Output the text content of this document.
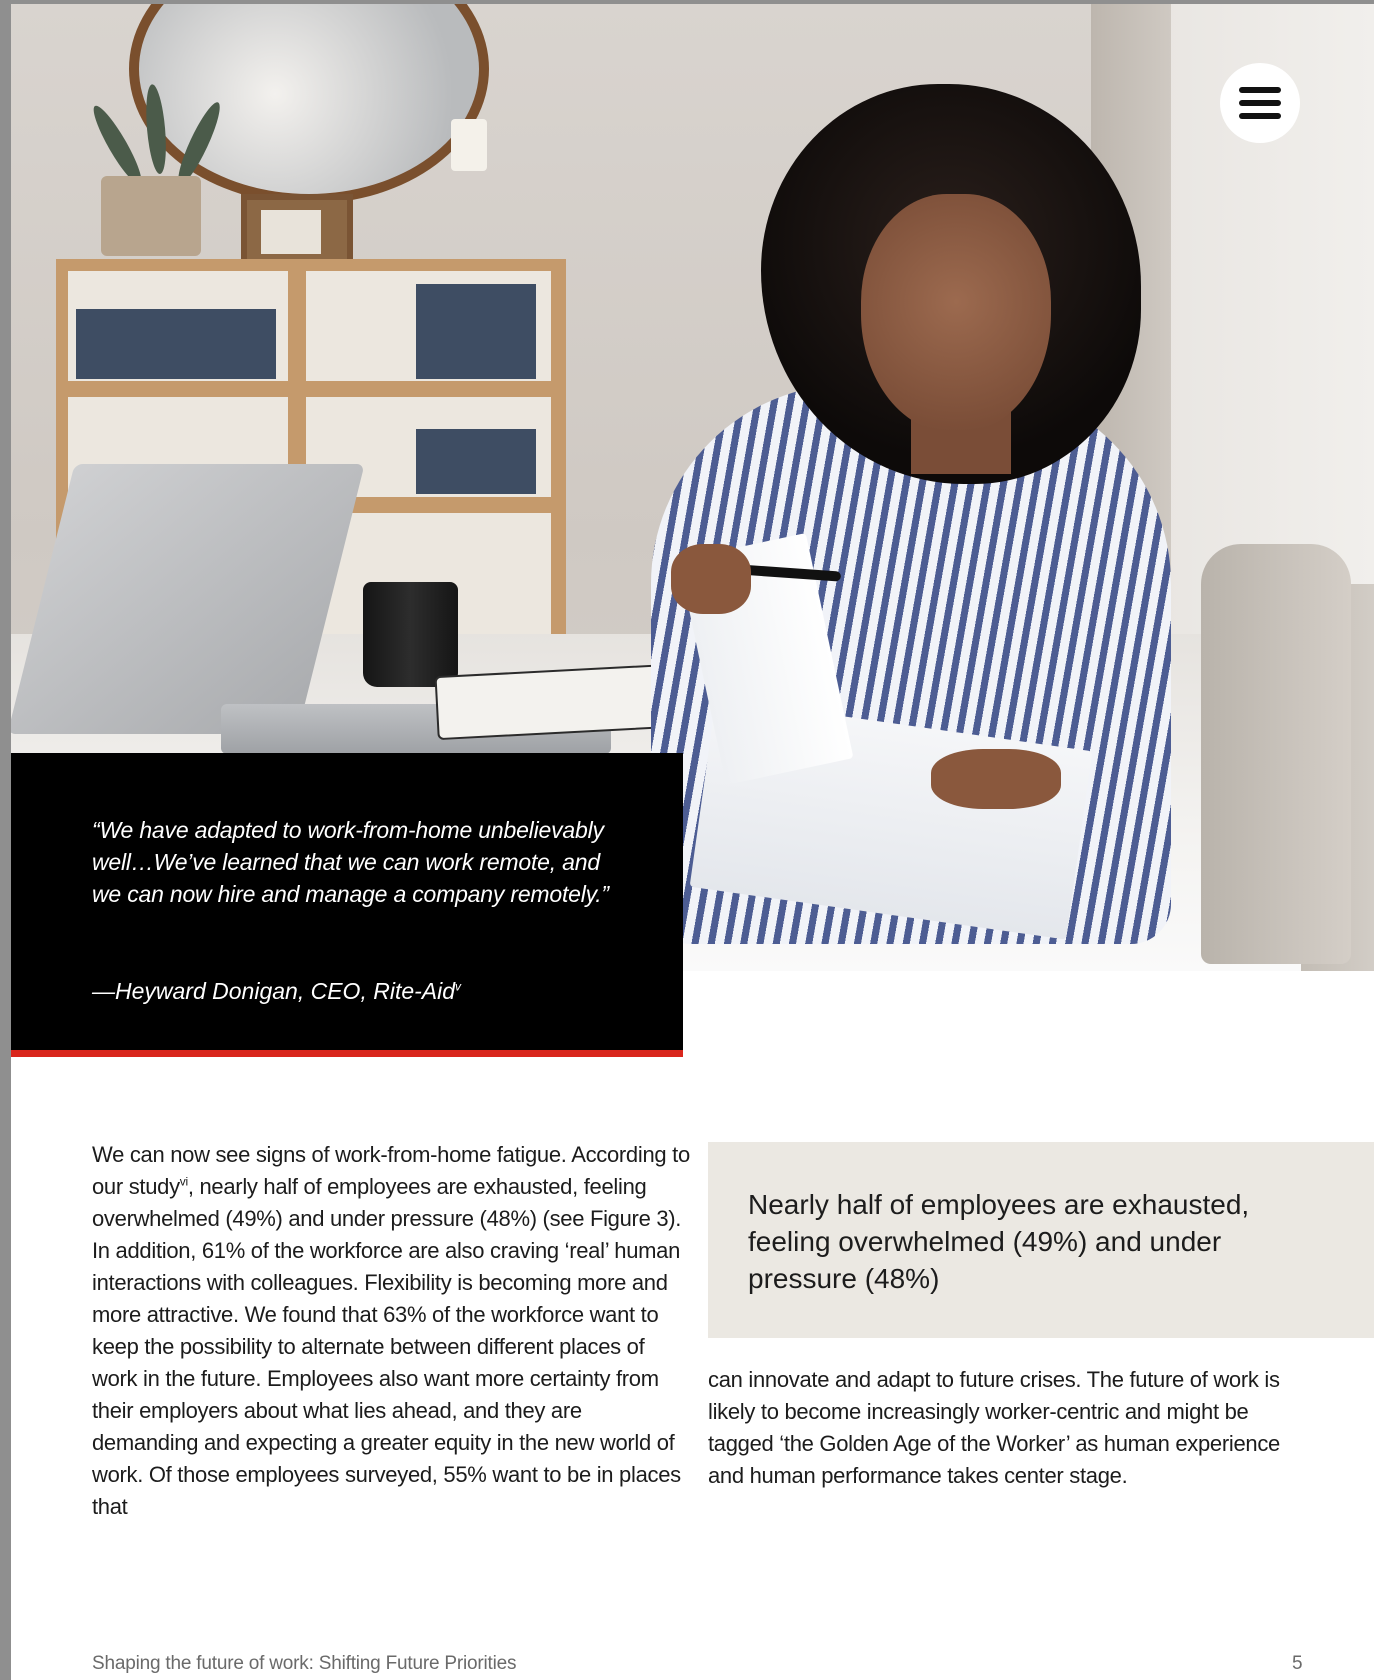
“We have adapted to work-from-home unbelievably well…We’ve learned that we can work remote, and we can now hire and manage a company remotely.”
—Heyward Donigan, CEO, Rite-Aid$^v$
We can now see signs of work-from-home fatigue. According to our study$^{vi}$, nearly half of employees are exhausted, feeling overwhelmed (49%) and under pressure (48%) (see Figure 3). In addition, 61% of the workforce are also craving ‘real’ human interactions with colleagues. Flexibility is becoming more and more attractive. We found that 63% of the workforce want to keep the possibility to alternate between different places of work in the future. Employees also want more certainty from their employers about what lies ahead, and they are demanding and expecting a greater equity in the new world of work. Of those employees surveyed, 55% want to be in places that
Nearly half of employees are exhausted, feeling overwhelmed (49%) and under pressure (48%)
can innovate and adapt to future crises. The future of work is likely to become increasingly worker-centric and might be tagged ‘the Golden Age of the Worker’ as human experience and human performance takes center stage.
Shaping the future of work: Shifting Future Priorities	5
